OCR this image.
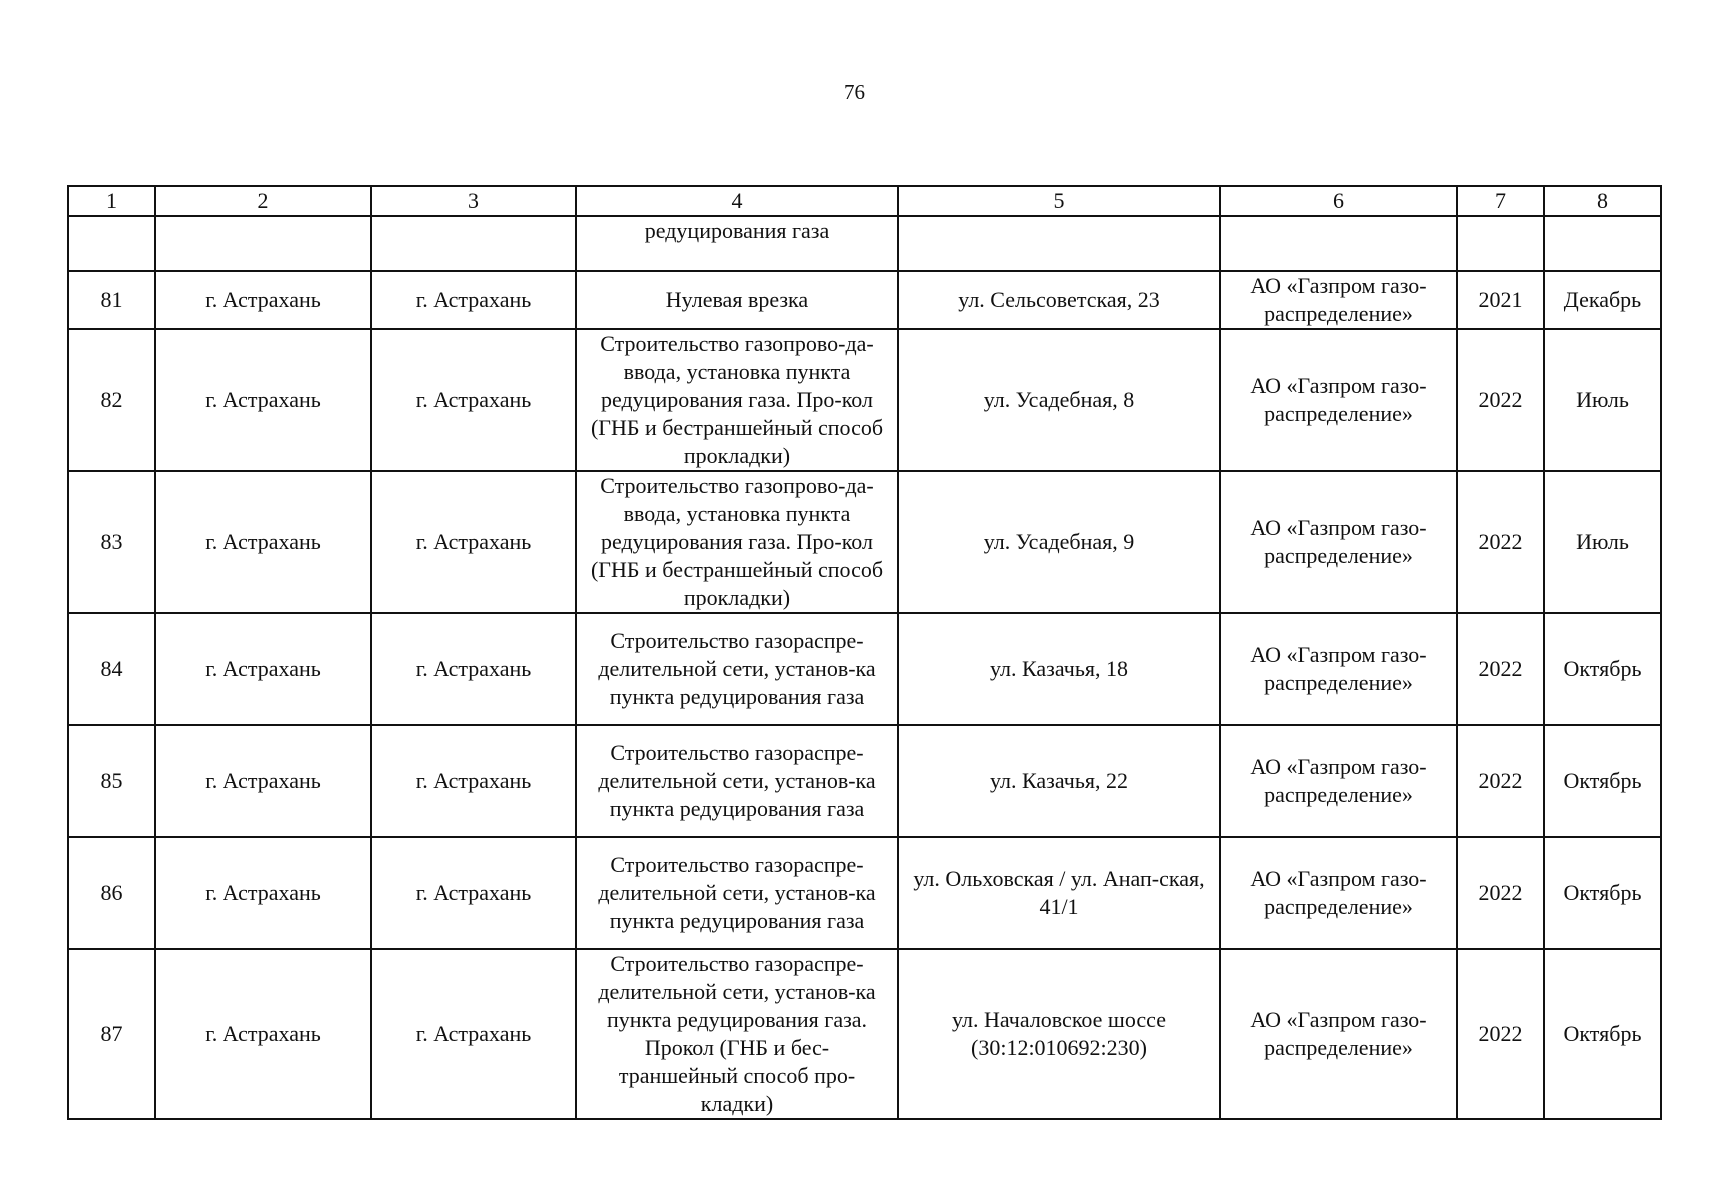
76
1	2	3	4	5	6	7	8
			редуцирования газа				
81	г. Астрахань	г. Астрахань	Нулевая врезка	ул. Сельсоветская, 23	АО «Газпром газо-распределение»	2021	Декабрь
82	г. Астрахань	г. Астрахань	Строительство газопрово-да-ввода, установка пункта редуцирования газа. Про-кол (ГНБ и бестраншейный способ прокладки)	ул. Усадебная, 8	АО «Газпром газо-распределение»	2022	Июль
83	г. Астрахань	г. Астрахань	Строительство газопрово-да-ввода, установка пункта редуцирования газа. Про-кол (ГНБ и бестраншейный способ прокладки)	ул. Усадебная, 9	АО «Газпром газо-распределение»	2022	Июль
84	г. Астрахань	г. Астрахань	Строительство газораспре-делительной сети, установ-ка пункта редуцирования газа	ул. Казачья, 18	АО «Газпром газо-распределение»	2022	Октябрь
85	г. Астрахань	г. Астрахань	Строительство газораспре-делительной сети, установ-ка пункта редуцирования газа	ул. Казачья, 22	АО «Газпром газо-распределение»	2022	Октябрь
86	г. Астрахань	г. Астрахань	Строительство газораспре-делительной сети, установ-ка пункта редуцирования газа	ул. Ольховская / ул. Анап-ская, 41/1	АО «Газпром газо-распределение»	2022	Октябрь
87	г. Астрахань	г. Астрахань	Строительство газораспре-делительной сети, установ-ка пункта редуцирования газа. Прокол (ГНБ и бес-траншейный способ про-кладки)	ул. Началовское шоссе (30:12:010692:230)	АО «Газпром газо-распределение»	2022	Октябрь
